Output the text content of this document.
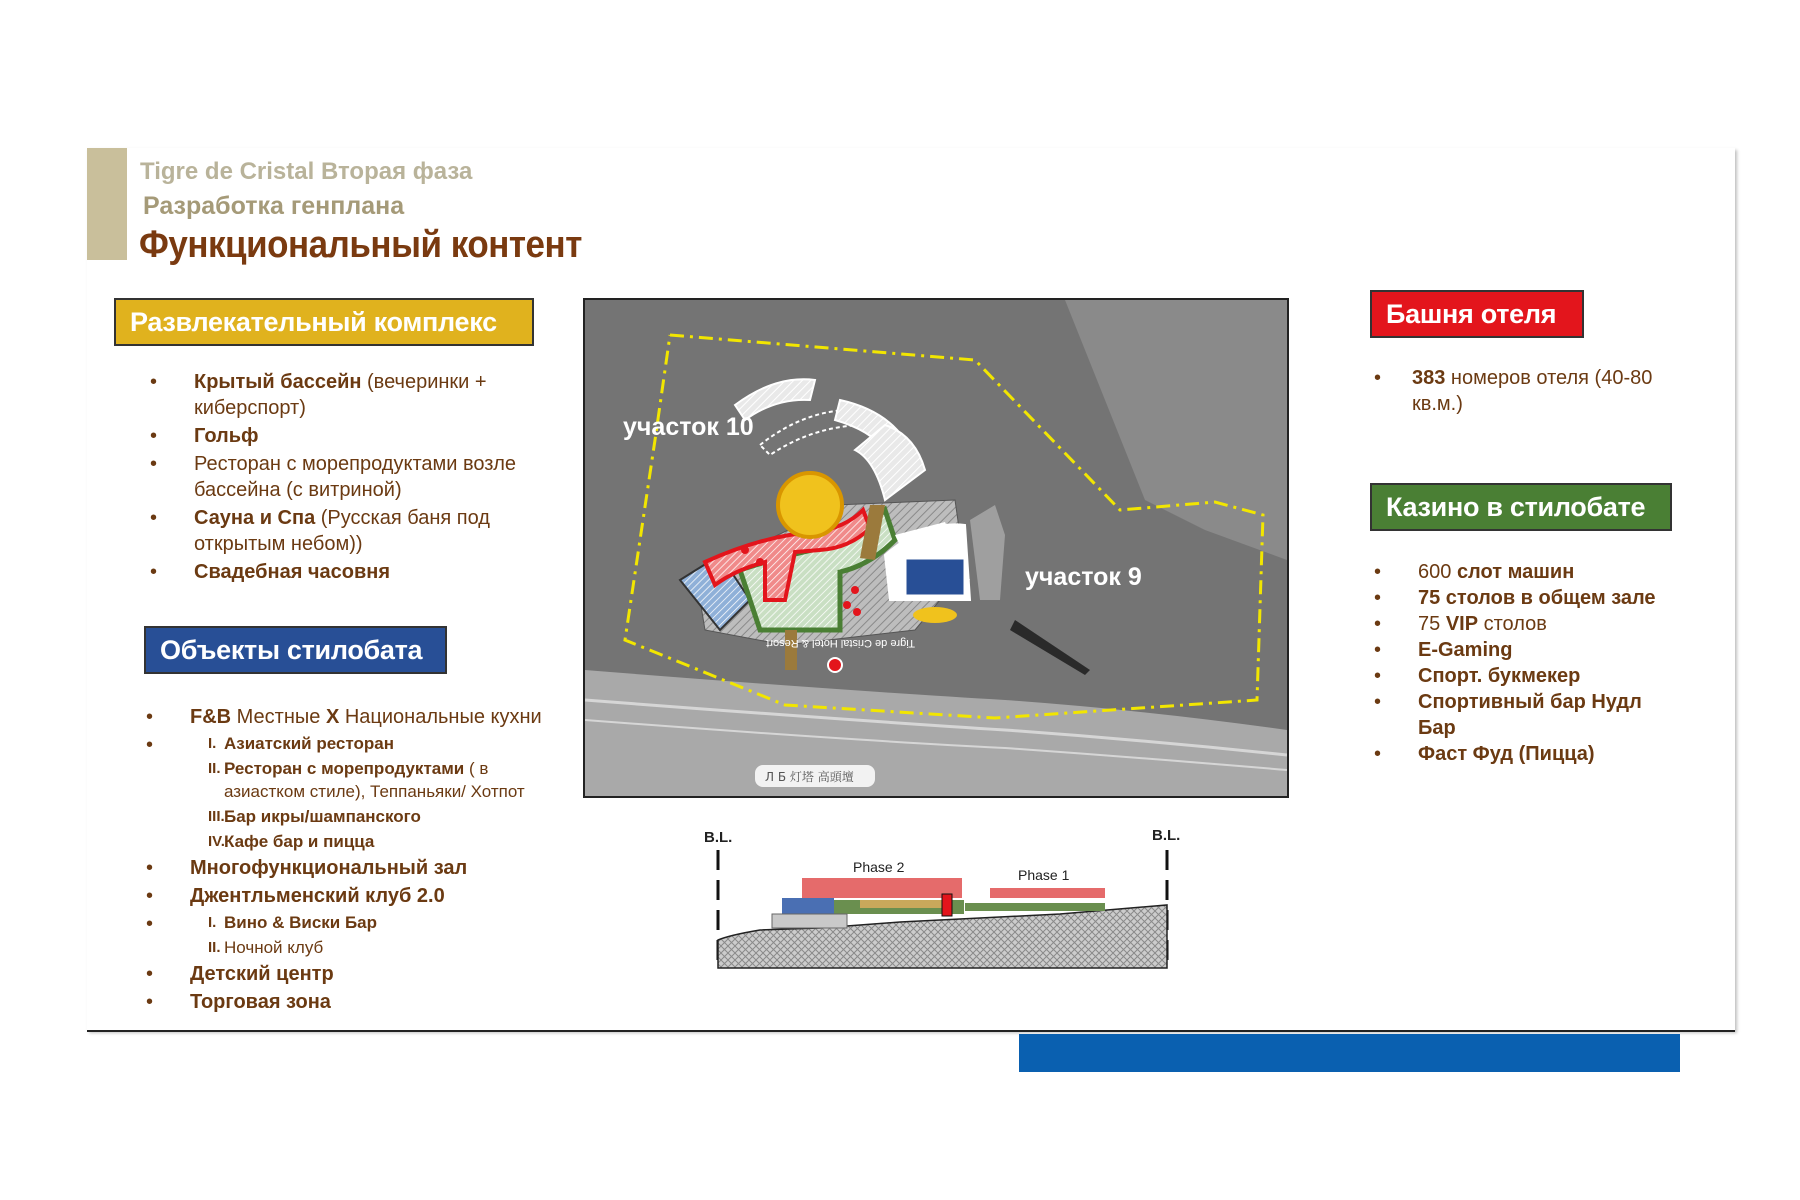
Tigre de Cristal Вторая фаза
Разработка генплана
Функциональный контент
Развлекательный комплекс
• Крытый бассейн (вечеринки + киберспорт)
• Гольф
• Ресторан с морепродуктами возле бассейна (с витриной)
• Сауна и Спа (Русская баня под открытым небом))
• Свадебная часовня
Объекты стилобата
• F&B Местные X Национальные кухни
• I. Азиатский ресторан
II. Ресторан с морепродуктами ( в азиастком стиле), Теппаньяки/ Хотпот
III. Бар икры/шампанского
IV. Кафе бар и пицца
• Многофункциональный зал
• Джентльменский клуб 2.0
• I. Вино & Виски Бар
II. Ночной клуб
• Детский центр
• Торговая зона
Башня отеля
• 383 номеров отеля (40-80 кв.м.)
Казино в стилобате
• 600 слот машин
• 75 столов в общем зале
• 75 VIP столов
• E-Gaming
• Спорт. букмекер
• Спортивный бар Нудл Бар
• Фаст Фуд (Пицца)
участок 10
участок 9
Tigre de Cristal Hotel & Resort
Л Б 灯塔 高頭壇
B.L.	B.L.
Phase 2	Phase 1
